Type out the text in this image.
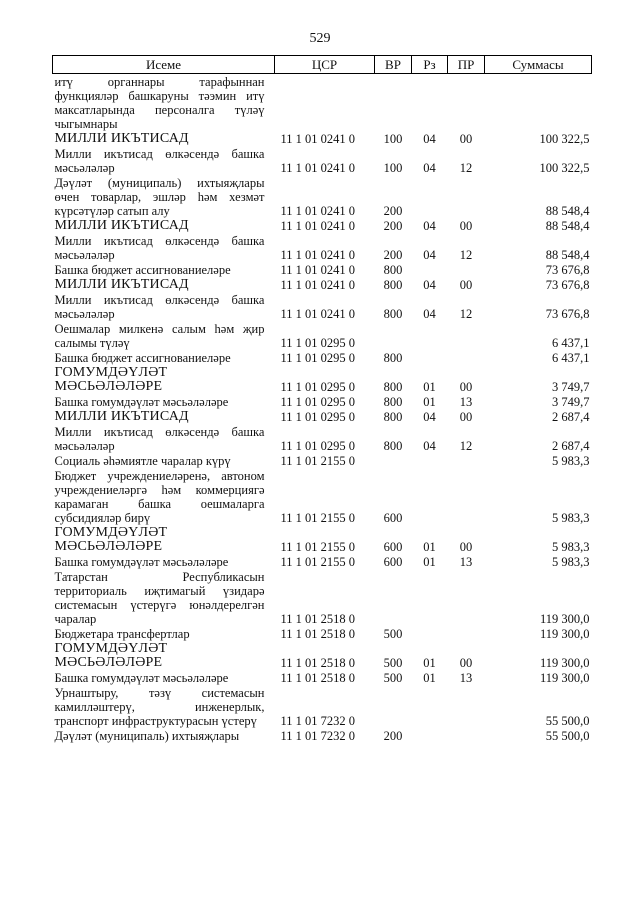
529
Исеме	ЦСР	ВР	Рз	ПР	Суммасы
итү органнары тарафыннан функцияләр башкаруны тәэмин итү максатларында персоналга түләү чыгымнары					
МИЛЛИ ИКЪТИСАД	11 1 01 0241 0	100	04	00	100 322,5
Милли икътисад өлкәсендә башка мәсьәләләр	11 1 01 0241 0	100	04	12	100 322,5
Дәүләт (муниципаль) ихтыяҗлары өчен товарлар, эшләр һәм хезмәт күрсәтүләр сатып алу	11 1 01 0241 0	200			88 548,4
МИЛЛИ ИКЪТИСАД	11 1 01 0241 0	200	04	00	88 548,4
Милли икътисад өлкәсендә башка мәсьәләләр	11 1 01 0241 0	200	04	12	88 548,4
Башка бюджет ассигнованиеләре	11 1 01 0241 0	800			73 676,8
МИЛЛИ ИКЪТИСАД	11 1 01 0241 0	800	04	00	73 676,8
Милли икътисад өлкәсендә башка мәсьәләләр	11 1 01 0241 0	800	04	12	73 676,8
Оешмалар милкенә салым һәм җир салымы түләү	11 1 01 0295 0				6 437,1
Башка бюджет ассигнованиеләре	11 1 01 0295 0	800			6 437,1
ГОМУМДӘҮЛӘТ МӘСЬӘЛӘЛӘРЕ	11 1 01 0295 0	800	01	00	3 749,7
Башка гомумдәүләт мәсьәләләре	11 1 01 0295 0	800	01	13	3 749,7
МИЛЛИ ИКЪТИСАД	11 1 01 0295 0	800	04	00	2 687,4
Милли икътисад өлкәсендә башка мәсьәләләр	11 1 01 0295 0	800	04	12	2 687,4
Социаль әһәмиятле чаралар күрү	11 1 01 2155 0				5 983,3
Бюджет учреждениеләренә, автоном учреждениеләргә һәм коммерциягә карамаган башка оешмаларга субсидияләр бирү	11 1 01 2155 0	600			5 983,3
ГОМУМДӘҮЛӘТ МӘСЬӘЛӘЛӘРЕ	11 1 01 2155 0	600	01	00	5 983,3
Башка гомумдәүләт мәсьәләләре	11 1 01 2155 0	600	01	13	5 983,3
Татарстан Республикасын территориаль иҗтимагый үзидарә системасын үстерүгә юнәлдерелгән чаралар	11 1 01 2518 0				119 300,0
Бюджетара трансфертлар	11 1 01 2518 0	500			119 300,0
ГОМУМДӘҮЛӘТ МӘСЬӘЛӘЛӘРЕ	11 1 01 2518 0	500	01	00	119 300,0
Башка гомумдәүләт мәсьәләләре	11 1 01 2518 0	500	01	13	119 300,0
Урнаштыру, тәзү системасын камилләштерү, инженерлык, транспорт инфраструктурасын үстерү	11 1 01 7232 0				55 500,0
Дәүләт (муниципаль) ихтыяҗлары	11 1 01 7232 0	200			55 500,0
